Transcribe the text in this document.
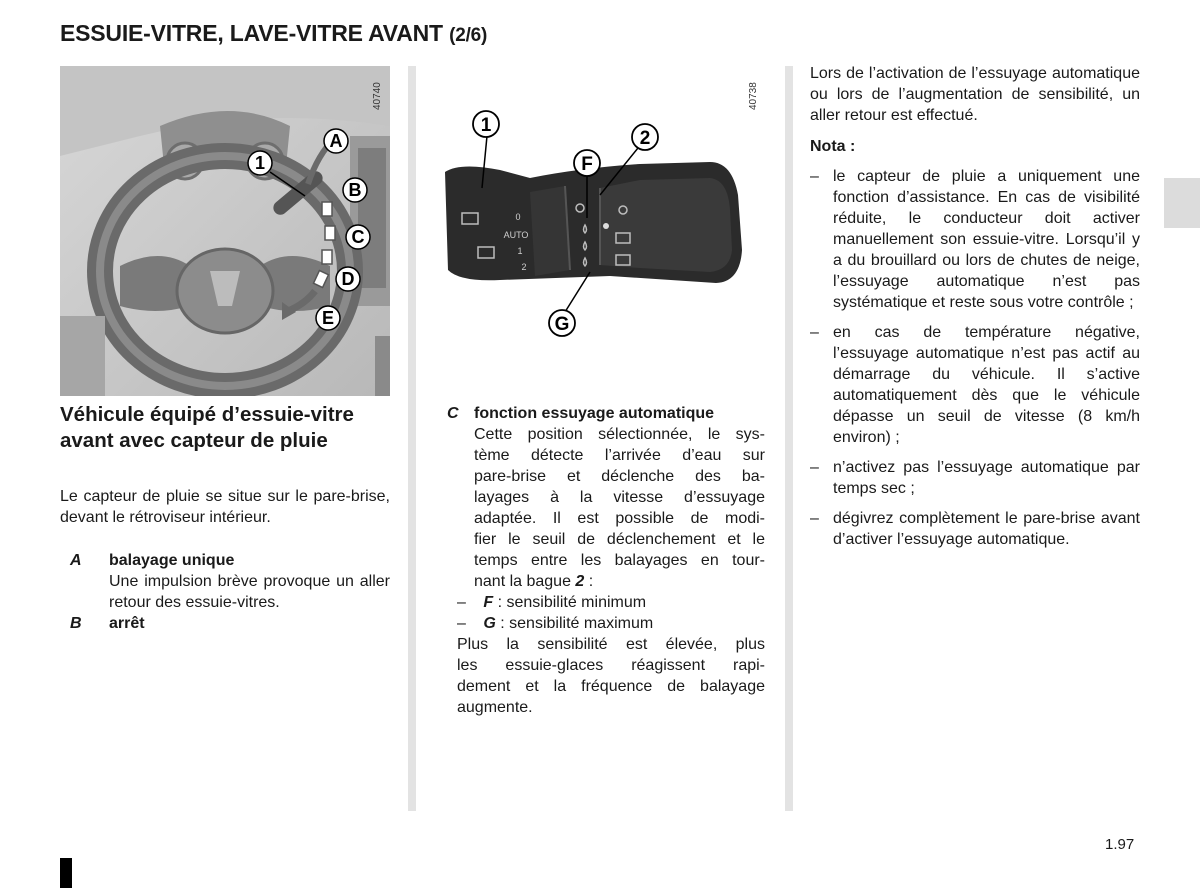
ESSUIE-VITRE, LAVE-VITRE AVANT (2/6)
1
A
B
C
D
E
40740
0
AUTO
1
2
1
2
F
G
40738
Véhicule équipé d’essuie-vitre avant avec capteur de pluie
Le capteur de pluie se situe sur le pare-brise, devant le rétroviseur intérieur.
A balayage unique
Une impulsion brève provoque un aller retour des essuie-vitres.
B arrêt
C fonction essuyage automatique
Cette position sélectionnée, le sys-
tème détecte l’arrivée d’eau sur
pare-brise et déclenche des ba-
layages à la vitesse d’essuyage
adaptée. Il est possible de modi-
fier le seuil de déclenchement et le
temps entre les balayages en tour-
nant la bague 2 :
– F : sensibilité minimum
– G : sensibilité maximum
Plus la sensibilité est élevée, plus
les essuie-glaces réagissent rapi-
dement et la fréquence de balayage
augmente.
Lors de l’activation de l’essuyage automatique ou lors de l’augmentation de sensibilité, un aller retour est effectué.
Nota :
– le capteur de pluie a uniquement une fonction d’assistance. En cas de visibilité réduite, le conducteur doit activer manuellement son essuie-vitre. Lorsqu’il y a du brouillard ou lors de chutes de neige, l’essuyage automatique n’est pas systématique et reste sous votre contrôle ;
– en cas de température négative, l’essuyage automatique n’est pas actif au démarrage du véhicule. Il s’active automatiquement dès que le véhicule dépasse un seuil de vitesse (8 km/h environ) ;
– n’activez pas l’essuyage automatique par temps sec ;
– dégivrez complètement le pare-brise avant d’activer l’essuyage automatique.
1.97
